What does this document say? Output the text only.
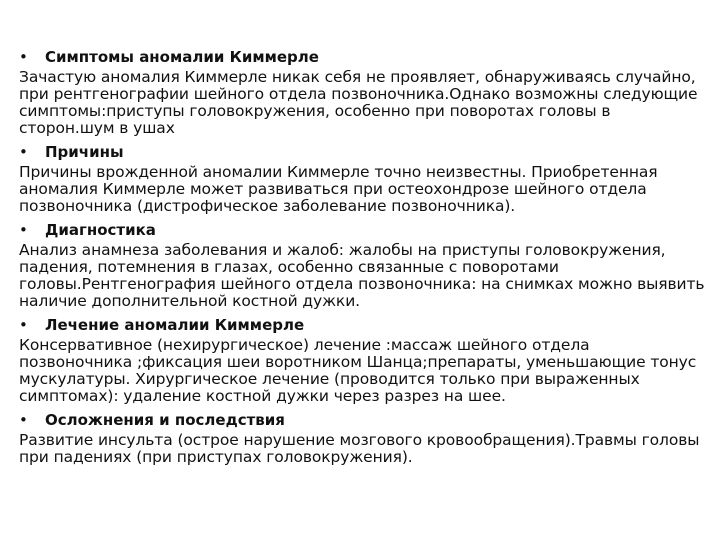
•	Симптомы аномалии Киммерле
Зачастую аномалия Киммерле никак себя не проявляет, обнаруживаясь случайно, при рентгенографии шейного отдела позвоночника.Однако возможны следующие симптомы:приступы головокружения, особенно при поворотах головы в сторон.шум в ушах
•	Причины
Причины врожденной аномалии Киммерле точно неизвестны. Приобретенная аномалия Киммерле может развиваться при остеохондрозе шейного отдела позвоночника (дистрофическое заболевание позвоночника).
•	Диагностика
Анализ анамнеза заболевания и жалоб: жалобы на приступы головокружения, падения, потемнения в глазах, особенно связанные с поворотами головы.Рентгенография шейного отдела позвоночника: на снимках можно выявить наличие дополнительной костной дужки.
•	Лечение аномалии Киммерле
Консервативное (нехирургическое) лечение :массаж шейного отдела позвоночника ;фиксация шеи воротником Шанца;препараты, уменьшающие тонус мускулатуры. Хирургическое лечение (проводится только при выраженных симптомах): удаление костной дужки через разрез на шее.
•	Осложнения и последствия
Развитие инсульта (острое нарушение мозгового кровообращения).Травмы головы при падениях (при приступах головокружения).
